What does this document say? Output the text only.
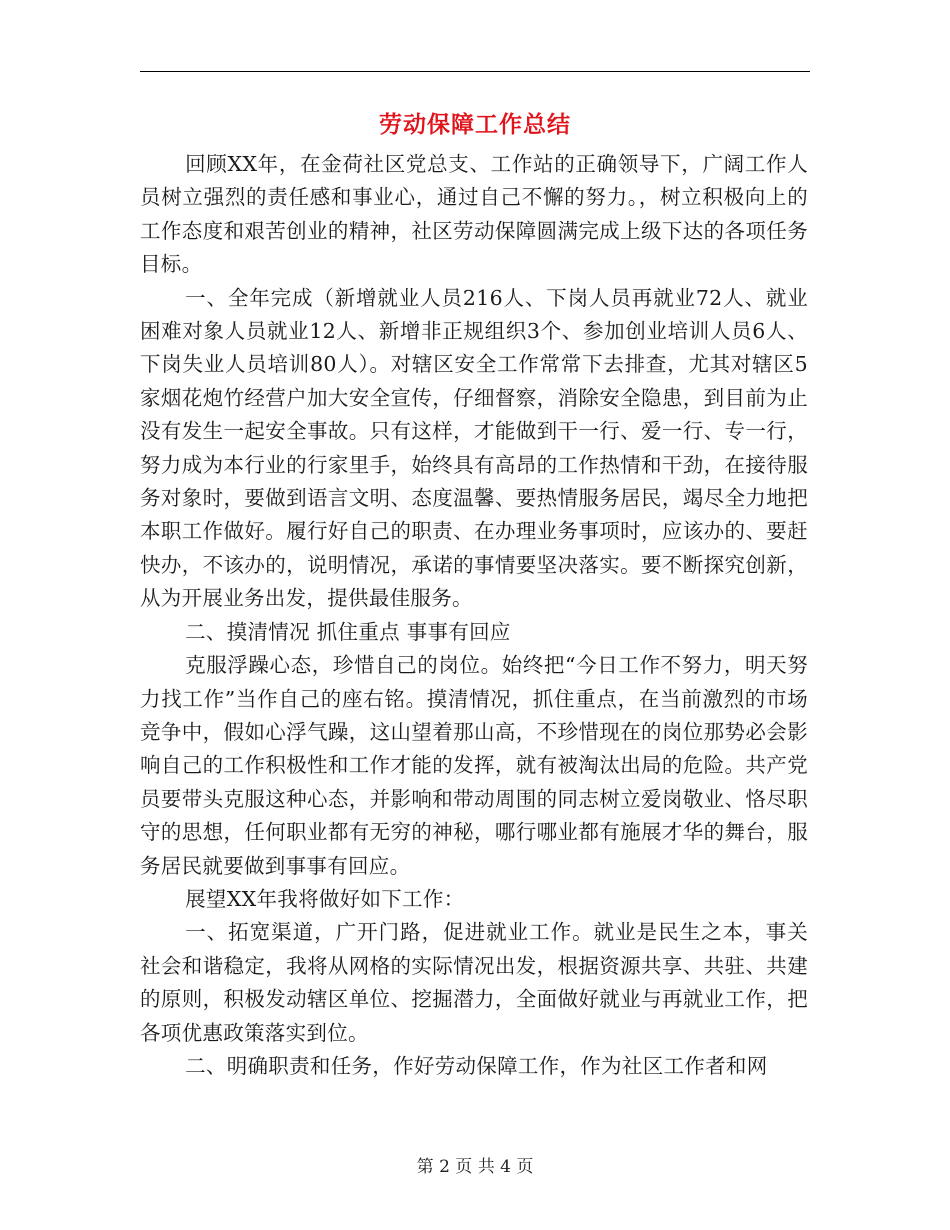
劳动保障工作总结

回顾XX年，在金荷社区党总支、工作站的正确领导下，广阔工作人员树立强烈的责任感和事业心，通过自己不懈的努力。，树立积极向上的工作态度和艰苦创业的精神，社区劳动保障圆满完成上级下达的各项任务目标。

一、全年完成（新增就业人员216人、下岗人员再就业72人、就业困难对象人员就业12人、新增非正规组织3个、参加创业培训人员6人、下岗失业人员培训80人）。对辖区安全工作常常下去排查，尤其对辖区5家烟花炮竹经营户加大安全宣传，仔细督察，消除安全隐患，到目前为止没有发生一起安全事故。只有这样，才能做到干一行、爱一行、专一行，努力成为本行业的行家里手，始终具有高昂的工作热情和干劲，在接待服务对象时，要做到语言文明、态度温馨、要热情服务居民，竭尽全力地把本职工作做好。履行好自己的职责、在办理业务事项时，应该办的、要赶快办，不该办的，说明情况，承诺的事情要坚决落实。要不断探究创新，从为开展业务出发，提供最佳服务。

二、摸清情况 抓住重点 事事有回应

克服浮躁心态，珍惜自己的岗位。始终把“今日工作不努力，明天努力找工作”当作自己的座右铭。摸清情况，抓住重点，在当前激烈的市场竞争中，假如心浮气躁，这山望着那山高，不珍惜现在的岗位那势必会影响自己的工作积极性和工作才能的发挥，就有被淘汰出局的危险。共产党员要带头克服这种心态，并影响和带动周围的同志树立爱岗敬业、恪尽职守的思想，任何职业都有无穷的神秘，哪行哪业都有施展才华的舞台，服务居民就要做到事事有回应。

展望XX年我将做好如下工作：

一、拓宽渠道，广开门路，促进就业工作。就业是民生之本，事关社会和谐稳定，我将从网格的实际情况出发，根据资源共享、共驻、共建的原则，积极发动辖区单位、挖掘潜力，全面做好就业与再就业工作，把各项优惠政策落实到位。

二、明确职责和任务，作好劳动保障工作，作为社区工作者和网

第 2 页 共 4 页
